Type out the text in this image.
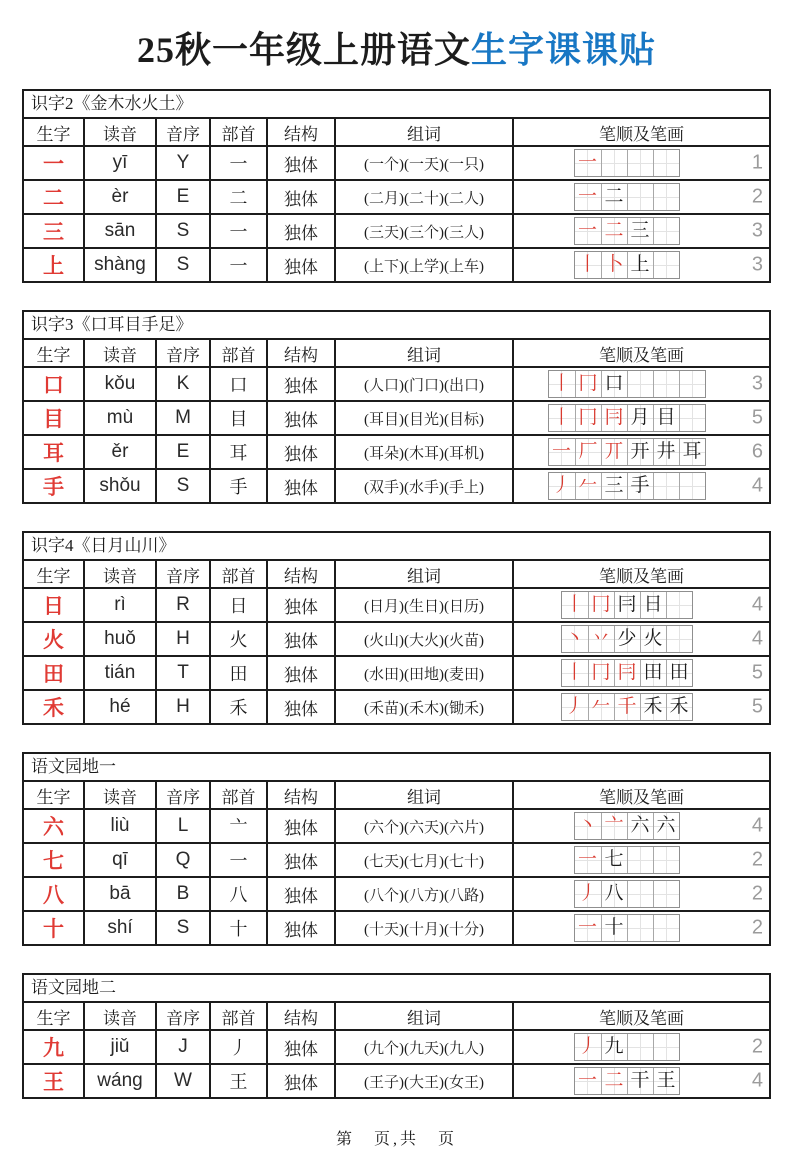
25秋一年级上册语文生字课课贴
识字2《金木水火土》
生字	读音	音序	部首	结构	组词	笔顺及笔画
一	yī	Y	一	独体	(一个)(一天)(一只)	一	1
二	èr	E	二	独体	(二月)(二十)(二人)	一 二	2
三	sān	S	一	独体	(三天)(三个)(三人)	一 二 三	3
上	shàng	S	一	独体	(上下)(上学)(上车)	丨 卜 上	3
识字3《口耳目手足》
生字	读音	音序	部首	结构	组词	笔顺及笔画
口	kǒu	K	口	独体	(人口)(门口)(出口)	丨 冂 口	3
目	mù	M	目	独体	(耳目)(目光)(目标)	丨 冂 冃 月 目	5
耳	ěr	E	耳	独体	(耳朵)(木耳)(耳机)	一 厂 丌 开 井 耳	6
手	shǒu	S	手	独体	(双手)(水手)(手上)	丿 𠂉 三 手	4
识字4《日月山川》
生字	读音	音序	部首	结构	组词	笔顺及笔画
日	rì	R	日	独体	(日月)(生日)(日历)	丨 冂 冃 日	4
火	huǒ	H	火	独体	(火山)(大火)(火苗)	丶 丷 少 火	4
田	tián	T	田	独体	(水田)(田地)(麦田)	丨 冂 冃 田 田	5
禾	hé	H	禾	独体	(禾苗)(禾木)(锄禾)	丿 𠂉 千 禾 禾	5
语文园地一
生字	读音	音序	部首	结构	组词	笔顺及笔画
六	liù	L	亠	独体	(六个)(六天)(六片)	丶 亠 六 六	4
七	qī	Q	一	独体	(七天)(七月)(七十)	一 七	2
八	bā	B	八	独体	(八个)(八方)(八路)	丿 八	2
十	shí	S	十	独体	(十天)(十月)(十分)	一 十	2
语文园地二
生字	读音	音序	部首	结构	组词	笔顺及笔画
九	jiǔ	J	丿	独体	(九个)(九天)(九人)	丿 九	2
王	wáng	W	王	独体	(王子)(大王)(女王)	一 二 干 王	4
第　页,共　页
